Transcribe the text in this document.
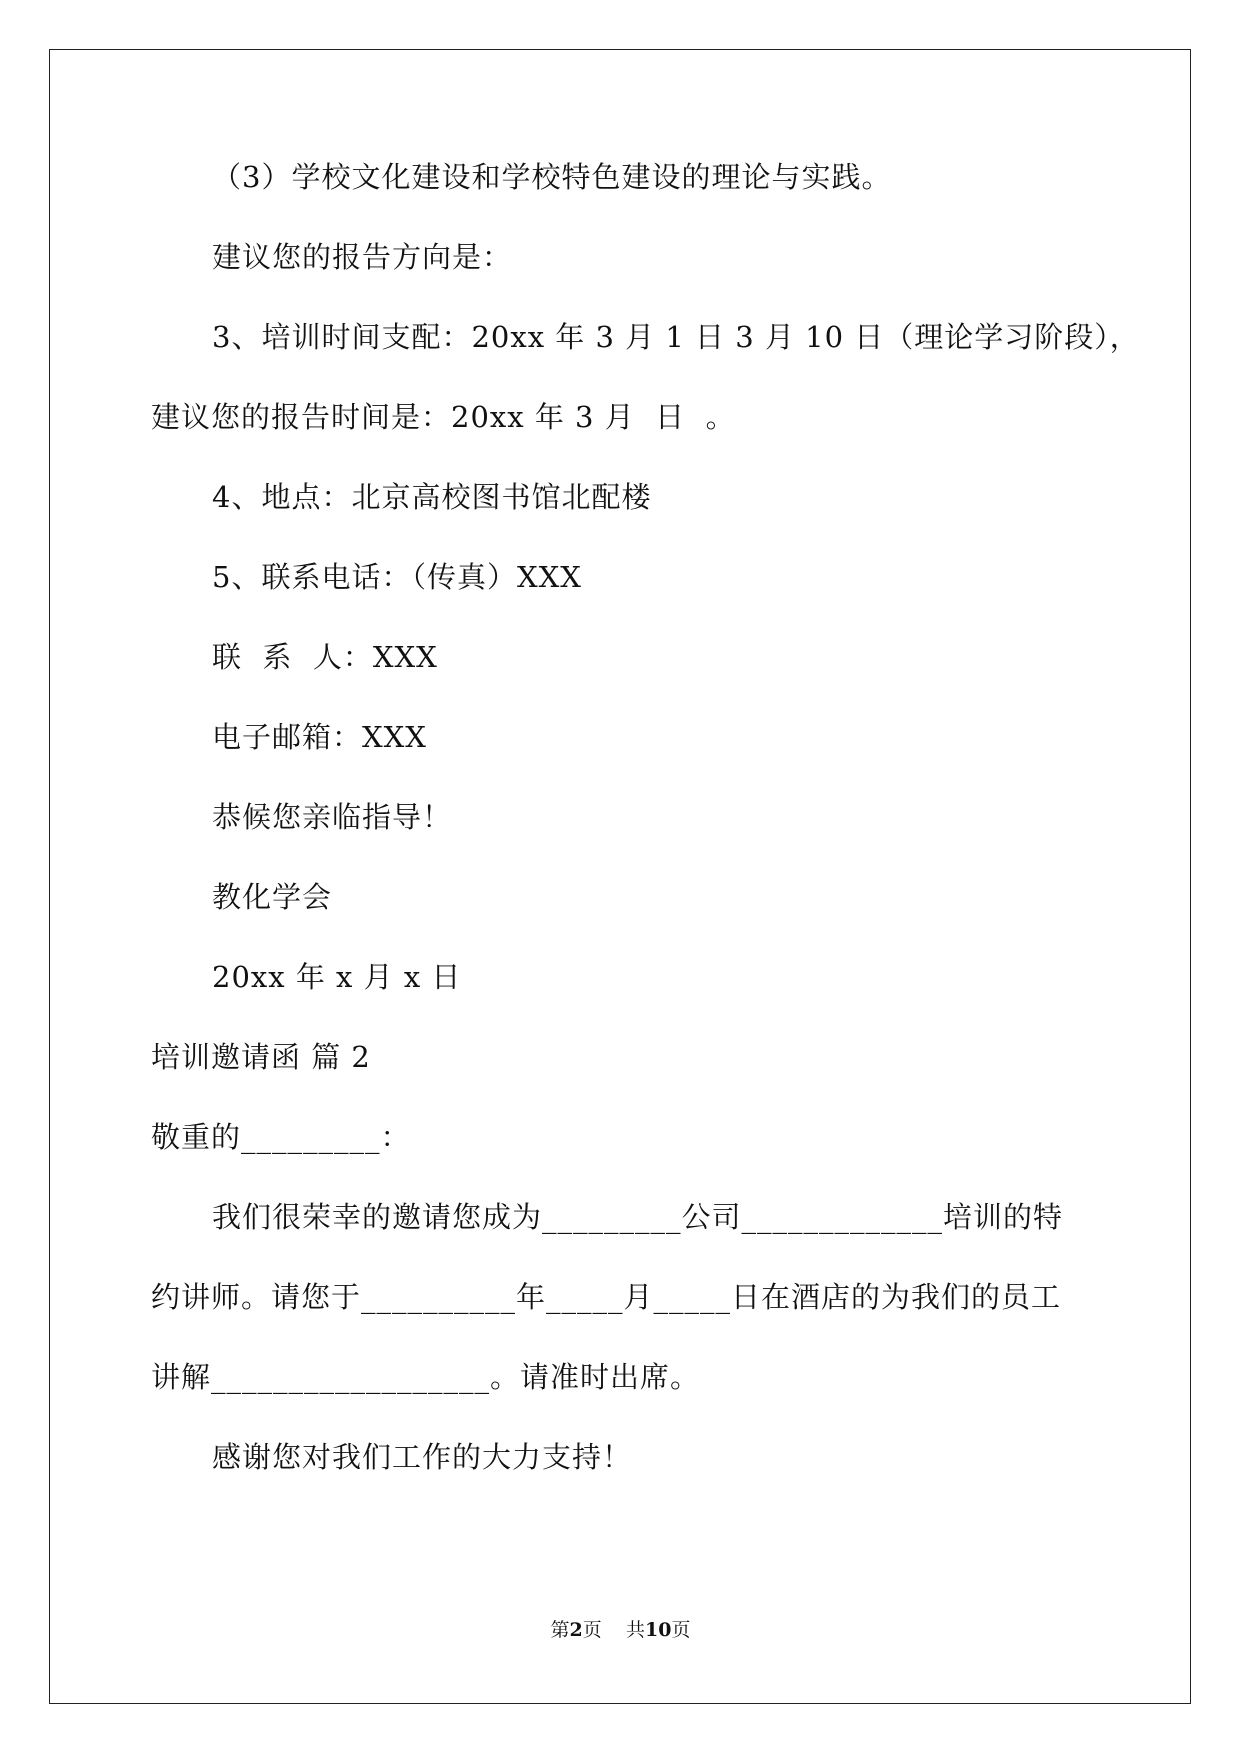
（3）学校文化建设和学校特色建设的理论与实践。
建议您的报告方向是：
3、培训时间支配：20xx 年 3 月 1 日 3 月 10 日（理论学习阶段），
建议您的报告时间是：20xx 年 3 月  日  。
4、地点：北京高校图书馆北配楼
5、联系电话：（传真）XXX
联  系  人：XXX
电子邮箱：XXX
恭候您亲临指导！
教化学会
20xx 年 x 月 x 日
培训邀请函 篇 2
敬重的_________：
我们很荣幸的邀请您成为_________公司_____________培训的特
约讲师。请您于__________年_____月_____日在酒店的为我们的员工
讲解__________________。请准时出席。
感谢您对我们工作的大力支持！
第2页 共10页
